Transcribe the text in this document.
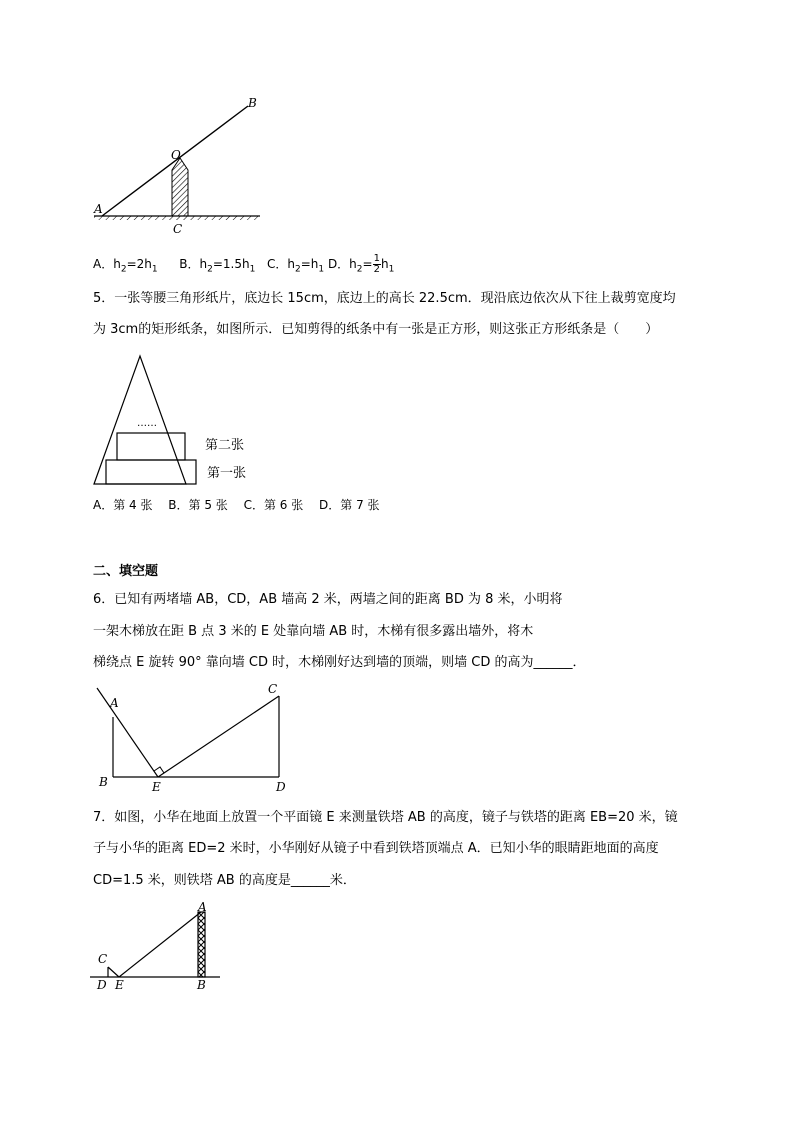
A
B
O
C
A．$h_2=2h_1$ B．$h_2=1.5h_1$ C．$h_2=h_1$ D．$h_2= \frac{1}{2} h_1$
5．一张等腰三角形纸片，底边长 15cm，底边上的高长 22.5cm．现沿底边依次从下往上裁剪宽度均
为 3cm的矩形纸条，如图所示．已知剪得的纸条中有一张是正方形，则这张正方形纸条是（　　）
……
第二张
第一张
A．第 4 张　 B．第 5 张　 C．第 6 张　 D．第 7 张
二、填空题
6．已知有两堵墙 AB，CD，AB 墙高 2 米，两墙之间的距离 BD 为 8 米，小明将
一架木梯放在距 B 点 3 米的 E 处靠向墙 AB 时，木梯有很多露出墙外，将木
梯绕点 E 旋转 90° 靠向墙 CD 时，木梯刚好达到墙的顶端，则墙 CD 的高为______．
A
B
C
D
E
7．如图，小华在地面上放置一个平面镜 E 来测量铁塔 AB 的高度，镜子与铁塔的距离 EB=20 米，镜
子与小华的距离 ED=2 米时，小华刚好从镜子中看到铁塔顶端点 A．已知小华的眼睛距地面的高度
CD=1.5 米，则铁塔 AB 的高度是______米．
A
B
C
D E
